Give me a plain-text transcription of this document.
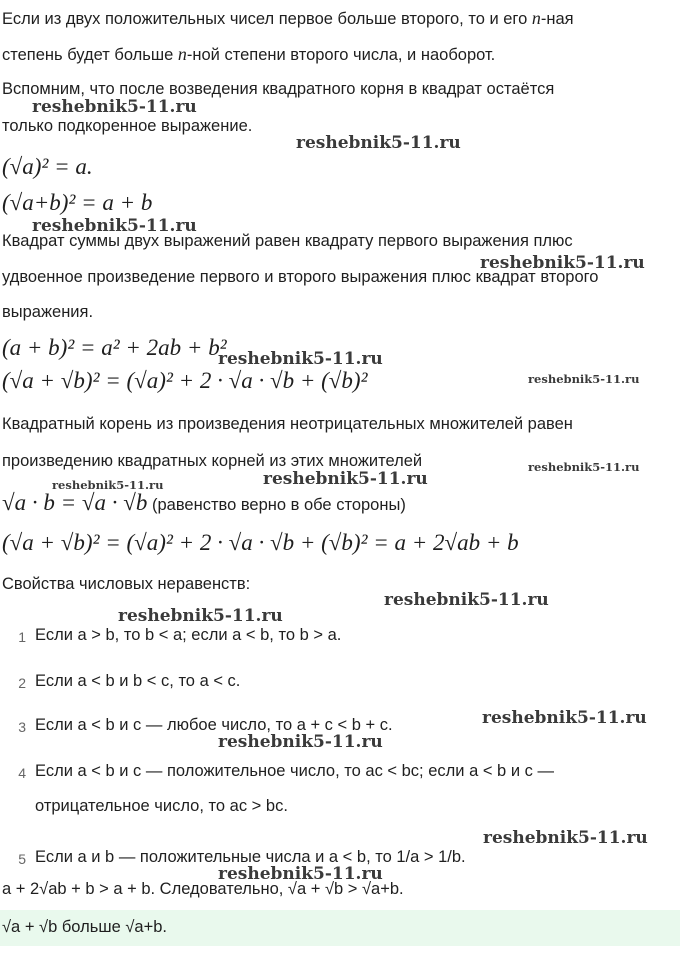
Если из двух положительных чисел первое больше второго, то и его n-ная
степень будет больше n-ной степени второго числа, и наоборот.
Вспомним, что после возведения квадратного корня в квадрат остаётся
только подкоренное выражение.
(√a)² = a.
(√a+b)² = a + b
Квадрат суммы двух выражений равен квадрату первого выражения плюс
удвоенное произведение первого и второго выражения плюс квадрат второго
выражения.
(a + b)² = a² + 2ab + b²
(√a + √b)² = (√a)² + 2 · √a · √b + (√b)²
Квадратный корень из произведения неотрицательных множителей равен
произведению квадратных корней из этих множителей
√a · b = √a · √b (равенство верно в обе стороны)
(√a + √b)² = (√a)² + 2 · √a · √b + (√b)² = a + 2√ab + b
Свойства числовых неравенств:
1 Если a > b, то b < a; если a < b, то b > a.
2 Если a < b и b < c, то a < c.
3 Если a < b и c — любое число, то a + c < b + c.
4 Если a < b и c — положительное число, то ac < bc; если a < b и c —
отрицательное число, то ac > bc.
5 Если a и b — положительные числа и a < b, то 1/a > 1/b.
a + 2√ab + b > a + b. Следовательно, √a + √b > √a+b.
√a + √b больше √a+b.
reshebnik5-11.ru
reshebnik5-11.ru
reshebnik5-11.ru
reshebnik5-11.ru
reshebnik5-11.ru
reshebnik5-11.ru
reshebnik5-11.ru
reshebnik5-11.ru
reshebnik5-11.ru
reshebnik5-11.ru
reshebnik5-11.ru
reshebnik5-11.ru
reshebnik5-11.ru
reshebnik5-11.ru
reshebnik5-11.ru
